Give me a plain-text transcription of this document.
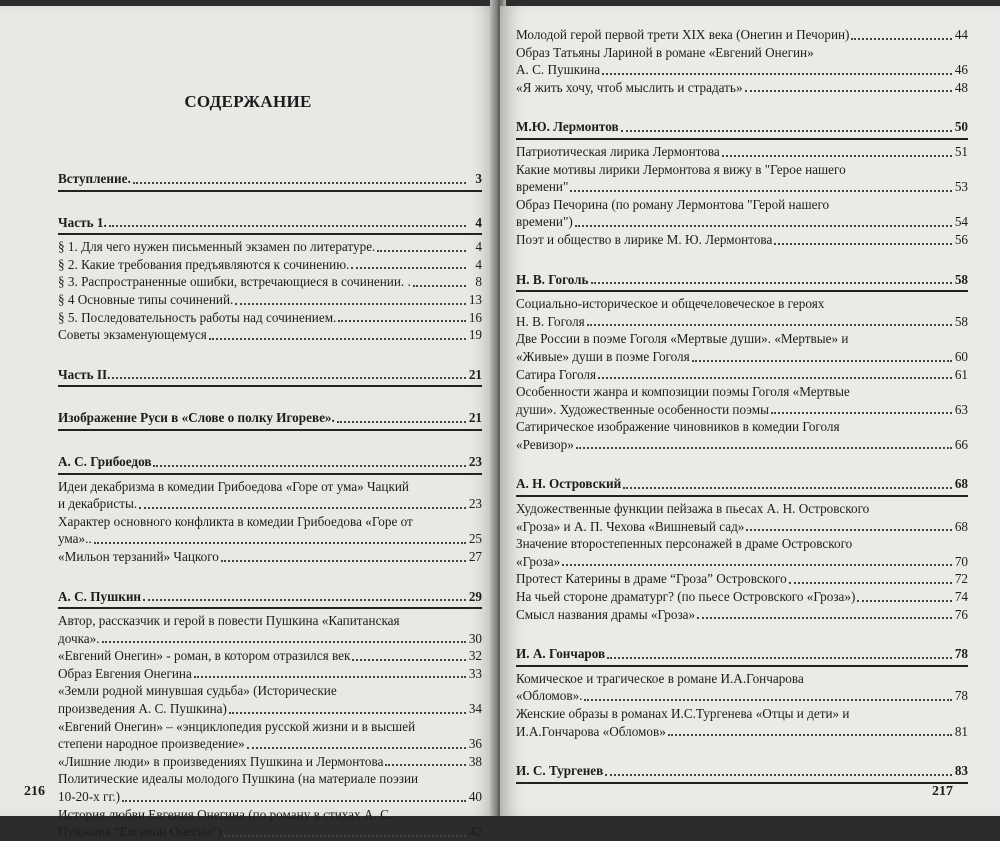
СОДЕРЖАНИЕ
Вступление.	3
Часть 1.	4
§ 1. Для чего нужен письменный экзамен по литературе.	4
§ 2. Какие требования предъявляются к сочинению.	4
§ 3. Распространенные ошибки, встречающиеся в сочинении. .	8
§ 4 Основные типы сочинений.	13
§ 5. Последовательность работы над сочинением.	16
Советы экзаменующемуся	19
Часть II.	21
Изображение Руси в «Слове о полку Игореве».	21
А. С. Грибоедов	23
Идеи декабризма в комедии Грибоедова «Горе от ума» Чацкий
и декабристы.	23
Характер основного конфликта в комедии Грибоедова «Горе от
ума»..	25
«Мильон терзаний» Чацкого	27
А. С. Пушкин	29
Автор, рассказчик и герой в повести Пушкина «Капитанская
дочка».	30
«Евгений Онегин» - роман, в котором отразился век	32
Образ Евгения Онегина	33
«Земли родной минувшая судьба» (Исторические
произведения А. С. Пушкина)	34
«Евгений Онегин» – «энциклопедия русской жизни и в высшей
степени народное произведение»	36
«Лишние люди» в произведениях Пушкина и Лермонтова	38
Политические идеалы молодого Пушкина (на материале поэзии
10-20-х гг.)	40
История любви Евгения Онегина (по роману в стихах А. С.
Пушкина “Евгении Онегин”)	42
216
Молодой герой первой трети XIX века (Онегин и Печорин)	44
Образ Татьяны Лариной в романе «Евгений Онегин»
А. С. Пушкина	46
«Я жить хочу, чтоб мыслить и страдать»	48
М.Ю. Лермонтов	50
Патриотическая лирика Лермонтова	51
Какие мотивы лирики Лермонтова я вижу в "Герое нашего
времени"	53
Образ Печорина (по роману Лермонтова "Герой нашего
времени")	54
Поэт и общество в лирике М. Ю. Лермонтова	56
Н. В. Гоголь	58
Социально-историческое и общечеловеческое в героях
Н. В. Гоголя	58
Две России в поэме Гоголя «Мертвые души». «Мертвые» и
«Живые» души в поэме Гоголя	60
Сатира Гоголя	61
Особенности жанра и композиции поэмы Гоголя «Мертвые
души». Художественные особенности поэмы	63
Сатирическое изображение чиновников в комедии Гоголя
«Ревизор»	66
А. Н. Островский	68
Художественные функции пейзажа в пьесах А. Н. Островского
«Гроза» и А. П. Чехова «Вишневый сад»	68
Значение второстепенных персонажей в драме Островского
«Гроза»	70
Протест Катерины в драме “Гроза” Островского	72
На чьей стороне драматург? (по пьесе Островского «Гроза»)	74
Смысл названия драмы «Гроза»	76
И. А. Гончаров	78
Комическое и трагическое в романе И.А.Гончарова
«Обломов».	78
Женские образы в романах И.С.Тургенева «Отцы и дети» и
И.А.Гончарова «Обломов»	81
И. С. Тургенев	83
217
